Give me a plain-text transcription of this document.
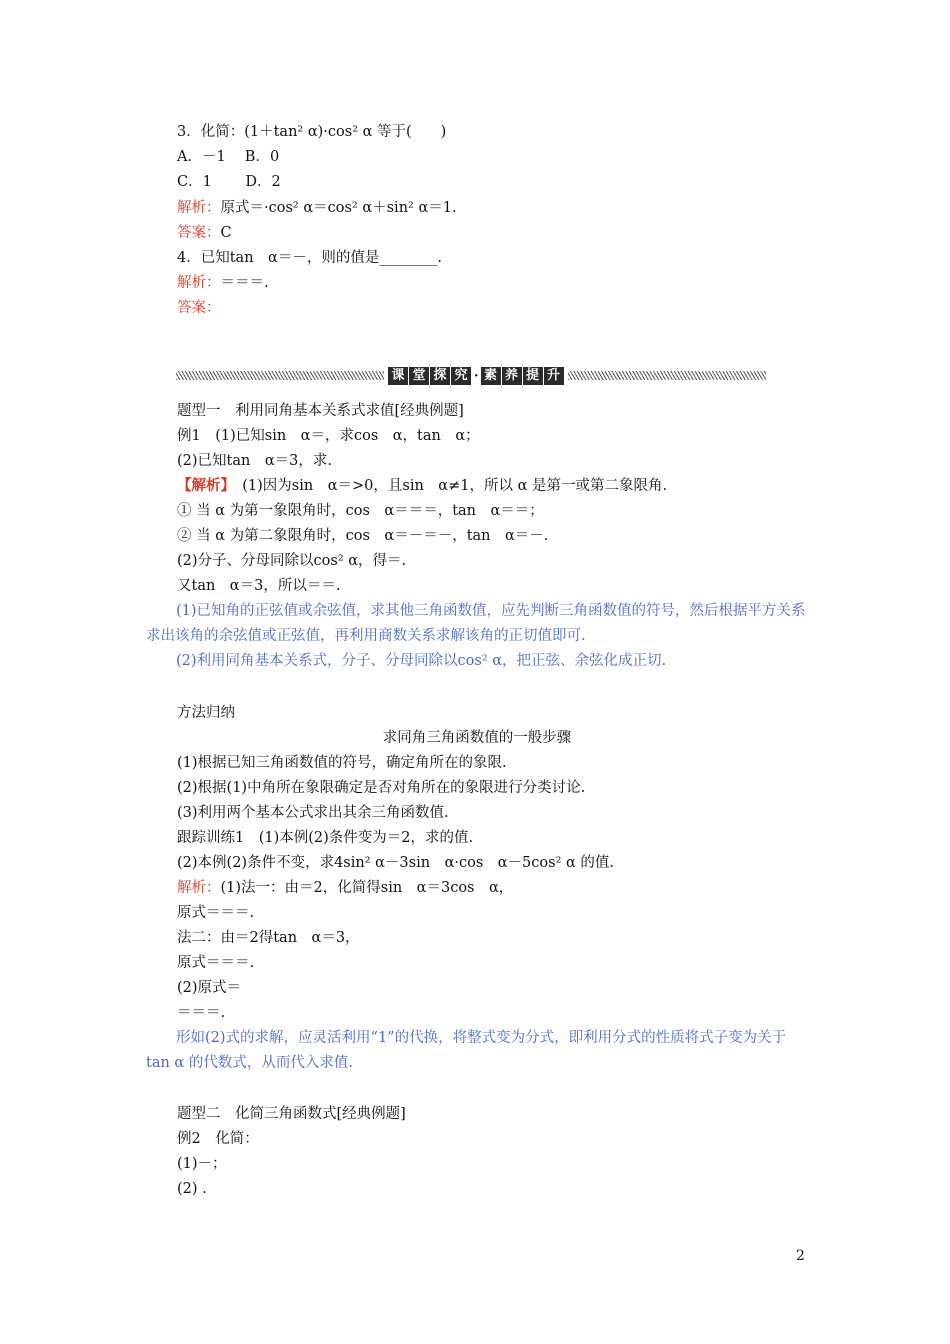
3．化简：(1＋tan² α)·cos² α 等于(　　)
A．－1　 B．0
C．1　　 D．2
解析：原式＝·cos² α＝cos² α＋sin² α＝1.
答案：C
4．已知tan　α＝－，则的值是________.
解析：＝＝＝.
答案：
课 堂 探 究 · 素 养 提 升
题型一　利用同角基本关系式求值[经典例题]
例1　(1)已知sin　α＝，求cos　α，tan　α；
(2)已知tan　α＝3，求.
【解析】　(1)因为sin　α＝>0，且sin　α≠1，所以 α 是第一或第二象限角.
① 当 α 为第一象限角时，cos　α＝＝＝，tan　α＝＝；
② 当 α 为第二象限角时，cos　α＝－＝－，tan　α＝－.
(2)分子、分母同除以cos² α，得＝.
又tan　α＝3，所以＝＝.
(1)已知角的正弦值或余弦值，求其他三角函数值，应先判断三角函数值的符号，然后根据平方关系求出该角的余弦值或正弦值，再利用商数关系求解该角的正切值即可.
(2)利用同角基本关系式，分子、分母同除以cos² α，把正弦、余弦化成正切.
方法归纳
求同角三角函数值的一般步骤
(1)根据已知三角函数值的符号，确定角所在的象限.
(2)根据(1)中角所在象限确定是否对角所在的象限进行分类讨论.
(3)利用两个基本公式求出其余三角函数值.
跟踪训练1　(1)本例(2)条件变为＝2，求的值.
(2)本例(2)条件不变，求4sin² α－3sin　α·cos　α－5cos² α 的值.
解析：(1)法一：由＝2，化简得sin　α＝3cos　α，
原式＝＝＝.
法二：由＝2得tan　α＝3，
原式＝＝＝.
(2)原式＝
＝＝＝.
形如(2)式的求解，应灵活利用“1”的代换，将整式变为分式，即利用分式的性质将式子变为关于 tan α 的代数式，从而代入求值.
题型二　化简三角函数式[经典例题]
例2　化简：
(1)－；
(2) .
2
